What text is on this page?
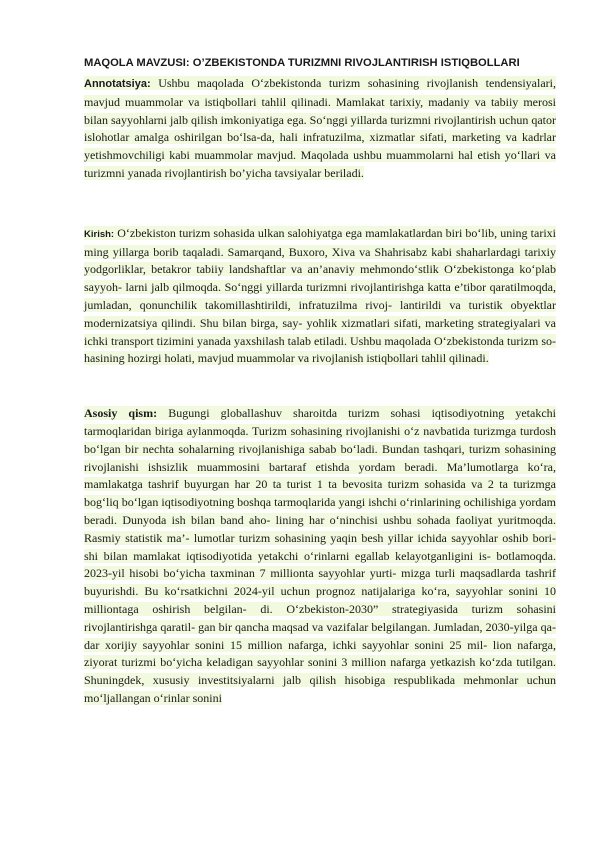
MAQOLA MAVZUSI: O’ZBEKISTONDA TURIZMNI RIVOJLANTIRISH ISTIQBOLLARI

Annotatsiya: Ushbu maqolada O‘zbekistonda turizm sohasining rivojlanish tendensiyalari, mavjud muammolar va istiqbollari tahlil qilinadi. Mamlakat tarixiy, madaniy va tabiiy merosi bilan sayyohlarni jalb qilish imkoniyatiga ega. So‘nggi yillarda turizmni rivojlantirish uchun qator islohotlar amalga oshirilgan bo‘lsa-da, hali infratuzilma, xizmatlar sifati, marketing va kadrlar yetishmovchiligi kabi muammolar mavjud. Maqolada ushbu muammolarni hal etish yo‘llari va turizmni yanada rivojlantirish bo’yicha tavsiyalar beriladi.

Kirish: O‘zbekiston turizm sohasida ulkan salohiyatga ega mamlakatlardan biri bo‘lib, uning tarixi ming yillarga borib taqaladi. Samarqand, Buxoro, Xiva va Shahrisabz kabi shaharlardagi tarixiy yodgorliklar, betakror tabiiy landshaftlar va an’anaviy mehmondo‘stlik O‘zbekistonga ko‘plab sayyoh- larni jalb qilmoqda. So‘nggi yillarda turizmni rivojlantirishga katta e’tibor qaratilmoqda, jumladan, qonunchilik takomillashtirildi, infratuzilma rivoj- lantirildi va turistik obyektlar modernizatsiya qilindi. Shu bilan birga, say- yohlik xizmatlari sifati, marketing strategiyalari va ichki transport tizimini yanada yaxshilash talab etiladi. Ushbu maqolada O‘zbekistonda turizm so- hasining hozirgi holati, mavjud muammolar va rivojlanish istiqbollari tahlil qilinadi.

Asosiy qism: Bugungi globallashuv sharoitda turizm sohasi iqtisodiyotning yetakchi tarmoqlaridan biriga aylanmoqda. Turizm sohasining rivojlanishi o‘z navbatida turizmga turdosh bo‘lgan bir nechta sohalarning rivojlanishiga sabab bo‘ladi. Bundan tashqari, turizm sohasining rivojlanishi ishsizlik muammosini bartaraf etishda yordam beradi. Ma’lumotlarga ko‘ra, mamlakatga tashrif buyurgan har 20 ta turist 1 ta bevosita turizm sohasida va 2 ta turizmga bog‘liq bo‘lgan iqtisodiyotning boshqa tarmoqlarida yangi ishchi o‘rinlarining ochilishiga yordam beradi. Dunyoda ish bilan band aho- lining har o‘ninchisi ushbu sohada faoliyat yuritmoqda. Rasmiy statistik ma’- lumotlar turizm sohasining yaqin besh yillar ichida sayyohlar oshib bori- shi bilan mamlakat iqtisodiyotida yetakchi o‘rinlarni egallab kelayotganligini is- botlamoqda. 2023-yil hisobi bo‘yicha taxminan 7 millionta sayyohlar yurti- mizga turli maqsadlarda tashrif buyurishdi. Bu ko‘rsatkichni 2024-yil uchun prognoz natijalariga ko‘ra, sayyohlar sonini 10 milliontaga oshirish belgilan- di. O‘zbekiston-2030” strategiyasida turizm sohasini rivojlantirishga qaratil- gan bir qancha maqsad va vazifalar belgilangan. Jumladan, 2030-yilga qa- dar xorijiy sayyohlar sonini 15 million nafarga, ichki sayyohlar sonini 25 mil- lion nafarga, ziyorat turizmi bo‘yicha keladigan sayyohlar sonini 3 million nafarga yetkazish ko‘zda tutilgan. Shuningdek, xususiy investitsiyalarni jalb qilish hisobiga respublikada mehmonlar uchun mo‘ljallangan o‘rinlar sonini
